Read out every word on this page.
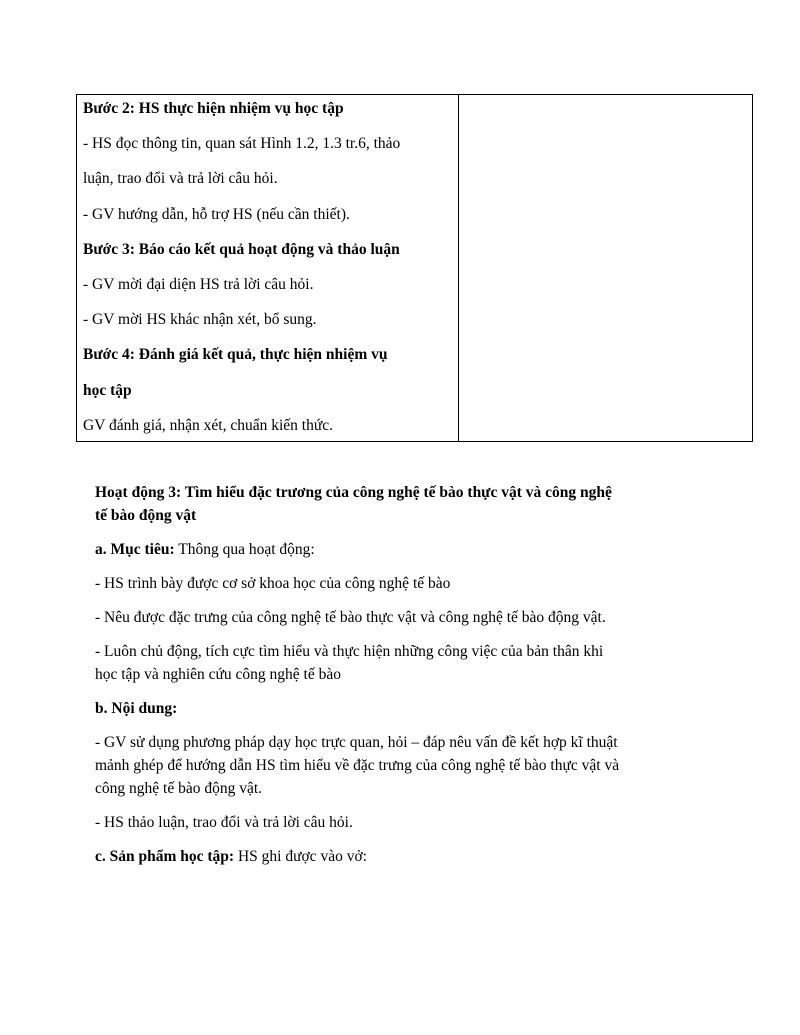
Bước 2: HS thực hiện nhiệm vụ học tập
- HS đọc thông tin, quan sát Hình 1.2, 1.3 tr.6, thảo
luận, trao đổi và trả lời câu hỏi.
- GV hướng dẫn, hỗ trợ HS (nếu cần thiết).
Bước 3: Báo cáo kết quả hoạt động và thảo luận
- GV mời đại diện HS trả lời câu hỏi.
- GV mời HS khác nhận xét, bổ sung.
Bước 4: Đánh giá kết quả, thực hiện nhiệm vụ
học tập
GV đánh giá, nhận xét, chuẩn kiến thức.

Hoạt động 3: Tìm hiểu đặc trương của công nghệ tế bào thực vật và công nghệ

tế bào động vật

a. Mục tiêu: Thông qua hoạt động:

- HS trình bày được cơ sở khoa học của công nghệ tế bào

- Nêu được đặc trưng của công nghệ tế bào thực vật và công nghệ tế bào động vật.

- Luôn chủ động, tích cực tìm hiểu và thực hiện những công việc của bản thân khi

học tập và nghiên cứu công nghệ tế bào

b. Nội dung:

- GV sử dụng phương pháp dạy học trực quan, hỏi – đáp nêu vấn đề kết hợp kĩ thuật

mảnh ghép để hướng dẫn HS tìm hiểu về đặc trưng của công nghệ tế bào thực vật và

công nghệ tế bào động vật.

- HS thảo luận, trao đổi và trả lời câu hỏi.

c. Sản phẩm học tập: HS ghi được vào vở:
